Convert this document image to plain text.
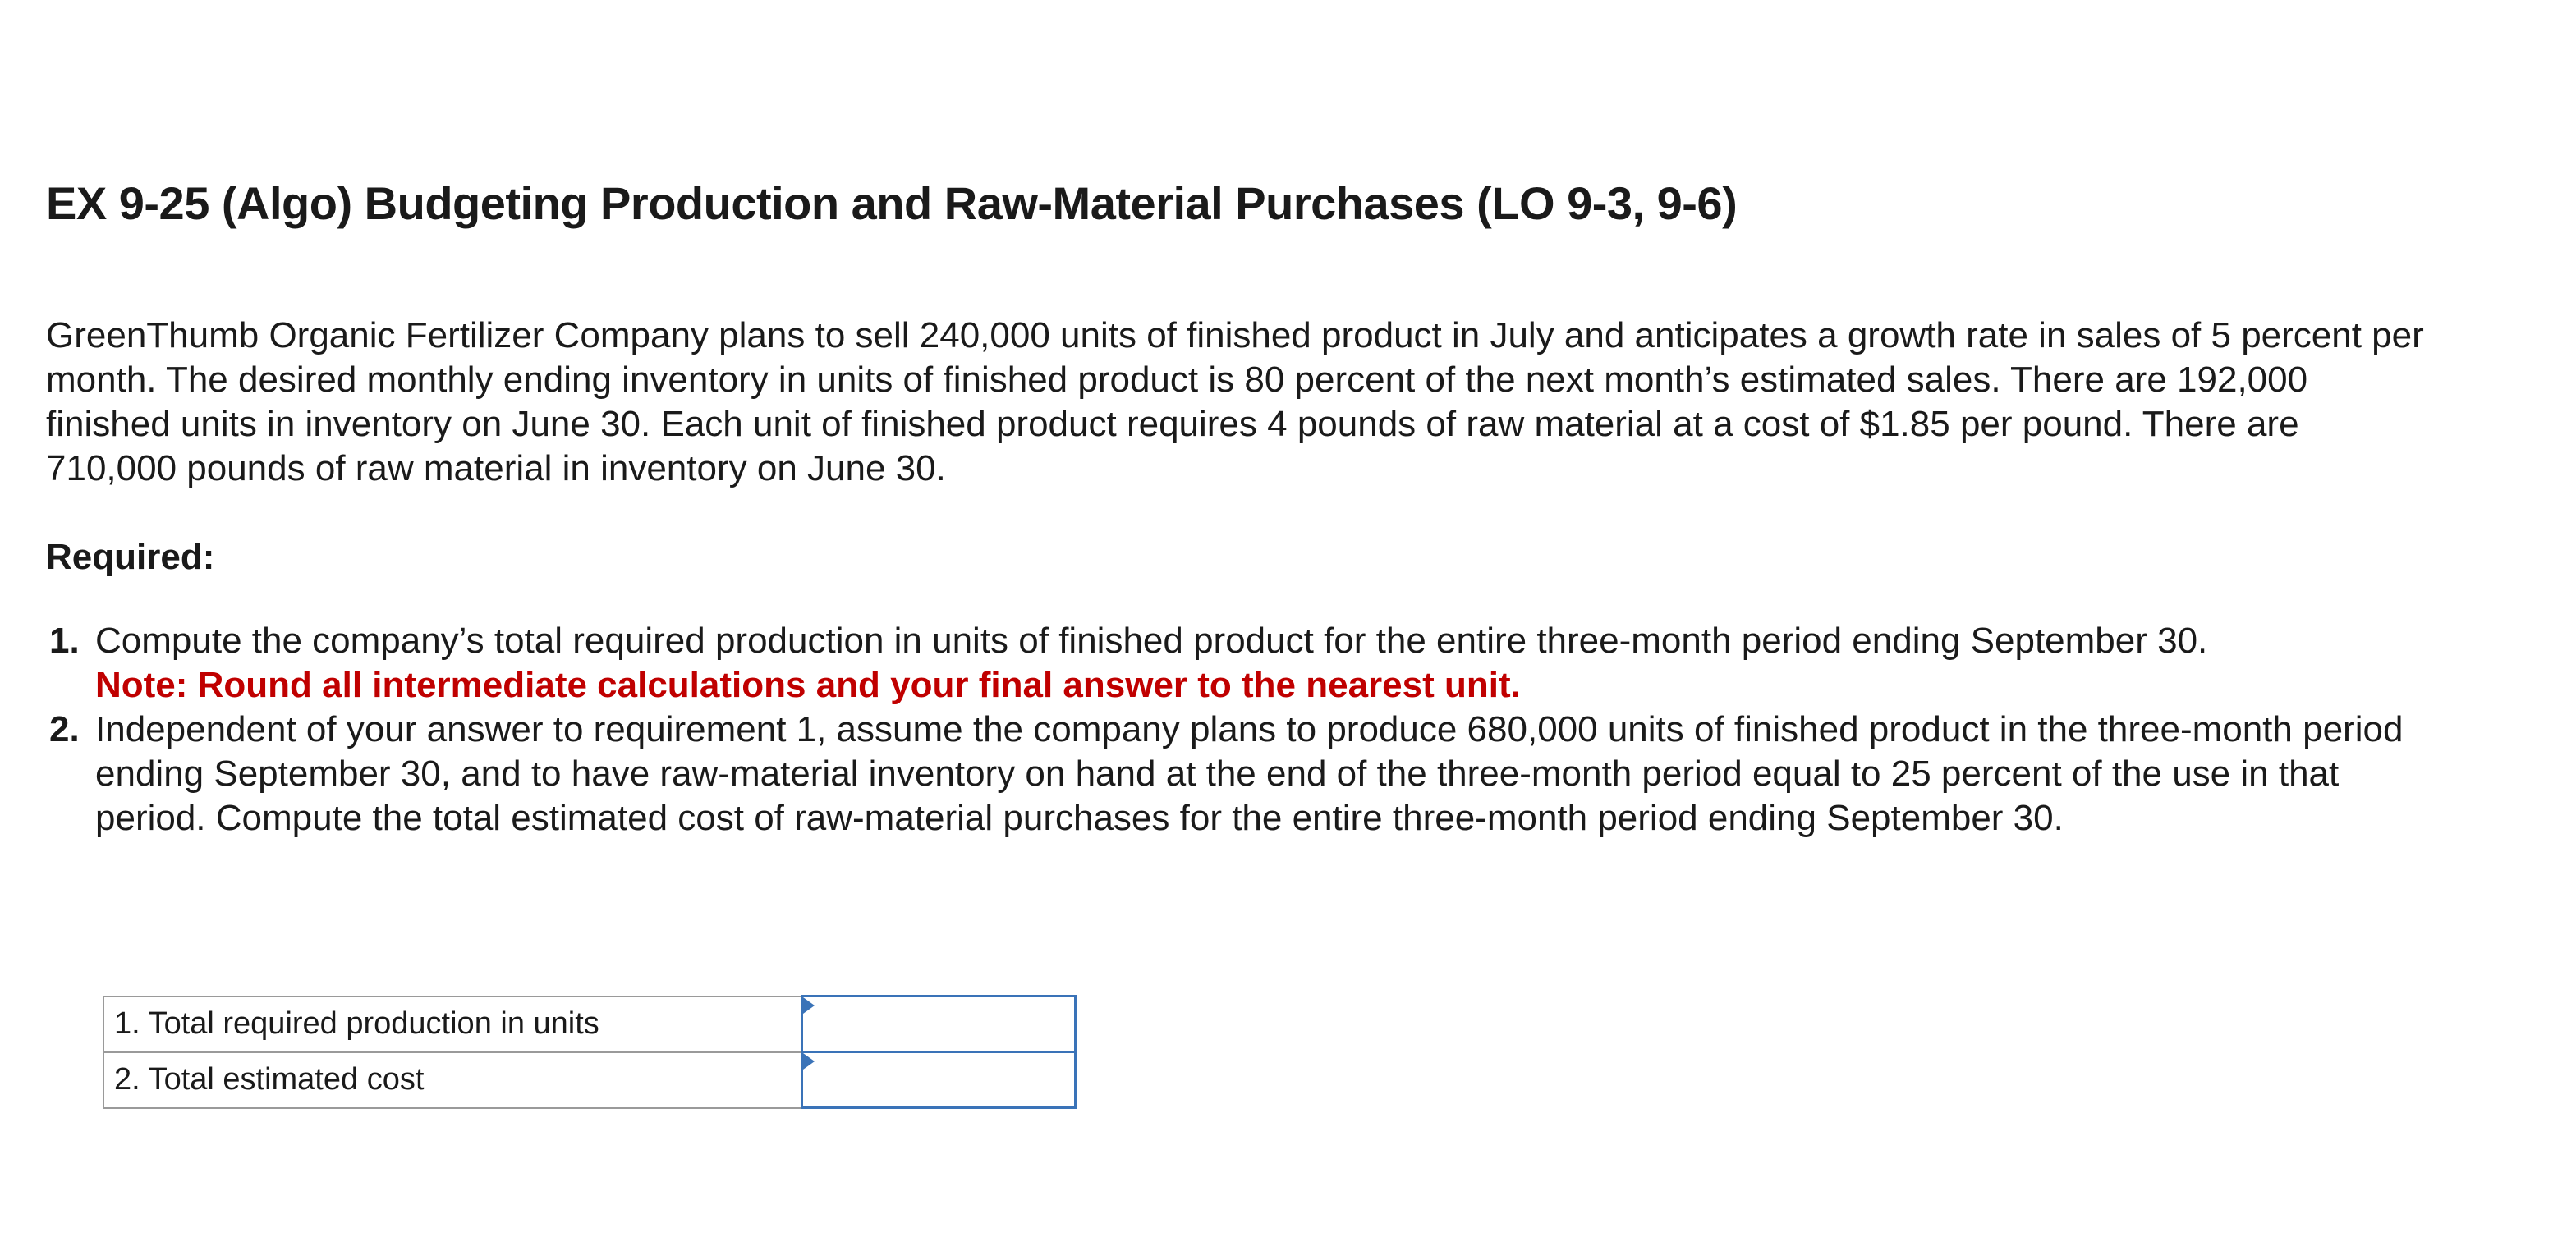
EX 9-25 (Algo) Budgeting Production and Raw-Material Purchases (LO 9-3, 9-6)

GreenThumb Organic Fertilizer Company plans to sell 240,000 units of finished product in July and anticipates a growth rate in sales of 5 percent per month. The desired monthly ending inventory in units of finished product is 80 percent of the next month’s estimated sales. There are 192,000 finished units in inventory on June 30. Each unit of finished product requires 4 pounds of raw material at a cost of $1.85 per pound. There are 710,000 pounds of raw material in inventory on June 30.

Required:
1. Compute the company’s total required production in units of finished product for the entire three-month period ending September 30.
Note: Round all intermediate calculations and your final answer to the nearest unit.
2. Independent of your answer to requirement 1, assume the company plans to produce 680,000 units of finished product in the three-month period ending September 30, and to have raw-material inventory on hand at the end of the three-month period equal to 25 percent of the use in that period. Compute the total estimated cost of raw-material purchases for the entire three-month period ending September 30.
1. Total required production in units	

2. Total estimated cost	
